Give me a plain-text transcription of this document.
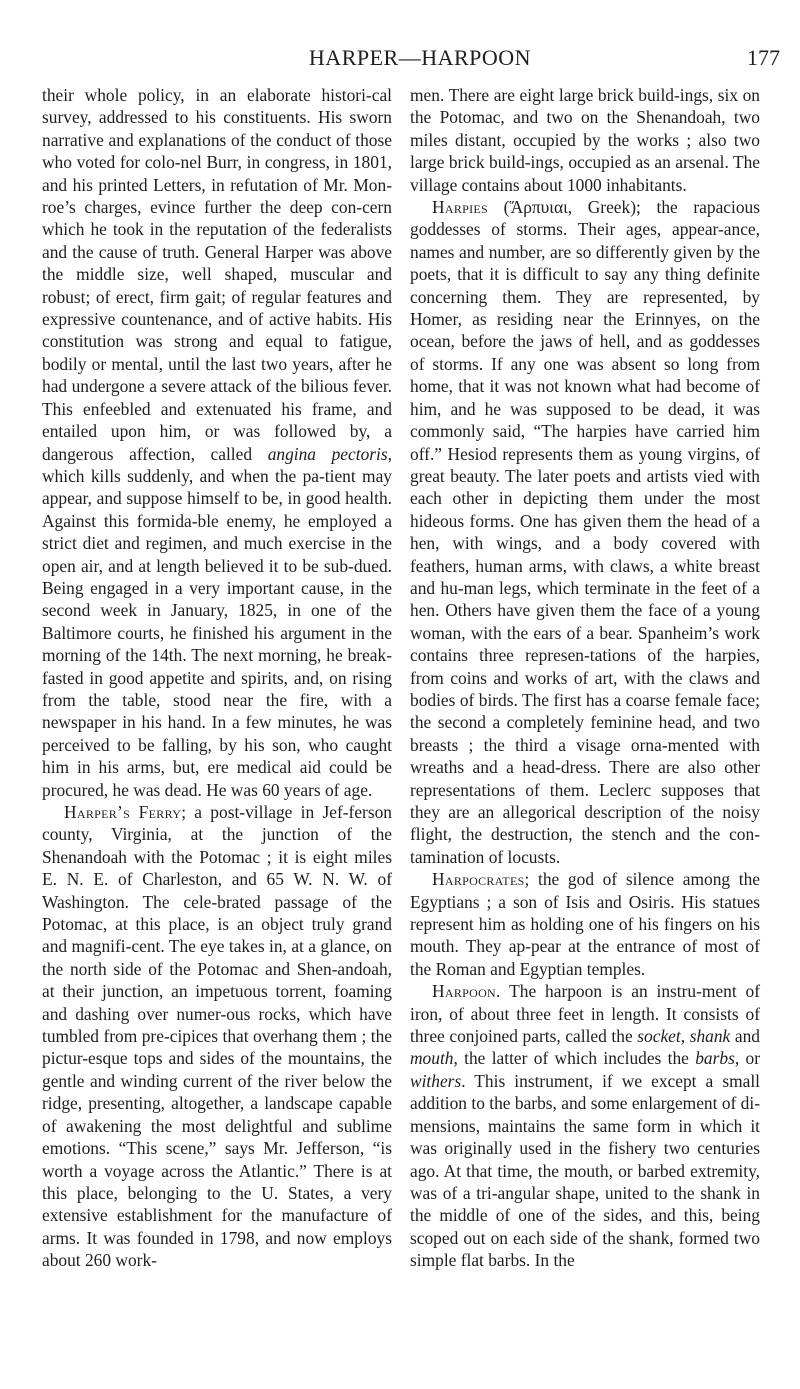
HARPER—HARPOON	177

their whole policy, in an elaborate histori-cal survey, addressed to his constituents. His sworn narrative and explanations of the conduct of those who voted for colo-nel Burr, in congress, in 1801, and his printed Letters, in refutation of Mr. Mon-roe’s charges, evince further the deep con-cern which he took in the reputation of the federalists and the cause of truth. General Harper was above the middle size, well shaped, muscular and robust; of erect, firm gait; of regular features and expressive countenance, and of active habits. His constitution was strong and equal to fatigue, bodily or mental, until the last two years, after he had undergone a severe attack of the bilious fever. This enfeebled and extenuated his frame, and entailed upon him, or was followed by, a dangerous affection, called angina pectoris, which kills suddenly, and when the pa-tient may appear, and suppose himself to be, in good health. Against this formida-ble enemy, he employed a strict diet and regimen, and much exercise in the open air, and at length believed it to be sub-dued. Being engaged in a very important cause, in the second week in January, 1825, in one of the Baltimore courts, he finished his argument in the morning of the 14th. The next morning, he break-fasted in good appetite and spirits, and, on rising from the table, stood near the fire, with a newspaper in his hand. In a few minutes, he was perceived to be falling, by his son, who caught him in his arms, but, ere medical aid could be procured, he was dead. He was 60 years of age.

Harper’s Ferry; a post-village in Jef-ferson county, Virginia, at the junction of the Shenandoah with the Potomac ; it is eight miles E. N. E. of Charleston, and 65 W. N. W. of Washington. The cele-brated passage of the Potomac, at this place, is an object truly grand and magnifi-cent. The eye takes in, at a glance, on the north side of the Potomac and Shen-andoah, at their junction, an impetuous torrent, foaming and dashing over numer-ous rocks, which have tumbled from pre-cipices that overhang them ; the pictur-esque tops and sides of the mountains, the gentle and winding current of the river below the ridge, presenting, altogether, a landscape capable of awakening the most delightful and sublime emotions. “This scene,” says Mr. Jefferson, “is worth a voyage across the Atlantic.” There is at this place, belonging to the U. States, a very extensive establishment for the manufacture of arms. It was founded in 1798, and now employs about 260 work-

men. There are eight large brick build-ings, six on the Potomac, and two on the Shenandoah, two miles distant, occupied by the works ; also two large brick build-ings, occupied as an arsenal. The village contains about 1000 inhabitants.

Harpies (Ἅρπυιαι, Greek); the rapacious goddesses of storms. Their ages, appear-ance, names and number, are so differently given by the poets, that it is difficult to say any thing definite concerning them. They are represented, by Homer, as residing near the Erinnyes, on the ocean, before the jaws of hell, and as goddesses of storms. If any one was absent so long from home, that it was not known what had become of him, and he was supposed to be dead, it was commonly said, “The harpies have carried him off.” Hesiod represents them as young virgins, of great beauty. The later poets and artists vied with each other in depicting them under the most hideous forms. One has given them the head of a hen, with wings, and a body covered with feathers, human arms, with claws, a white breast and hu-man legs, which terminate in the feet of a hen. Others have given them the face of a young woman, with the ears of a bear. Spanheim’s work contains three represen-tations of the harpies, from coins and works of art, with the claws and bodies of birds. The first has a coarse female face; the second a completely feminine head, and two breasts ; the third a visage orna-mented with wreaths and a head-dress. There are also other representations of them. Leclerc supposes that they are an allegorical description of the noisy flight, the destruction, the stench and the con-tamination of locusts.

Harpocrates; the god of silence among the Egyptians ; a son of Isis and Osiris. His statues represent him as holding one of his fingers on his mouth. They ap-pear at the entrance of most of the Roman and Egyptian temples.

Harpoon. The harpoon is an instru-ment of iron, of about three feet in length. It consists of three conjoined parts, called the socket, shank and mouth, the latter of which includes the barbs, or withers. This instrument, if we except a small addition to the barbs, and some enlargement of di-mensions, maintains the same form in which it was originally used in the fishery two centuries ago. At that time, the mouth, or barbed extremity, was of a tri-angular shape, united to the shank in the middle of one of the sides, and this, being scoped out on each side of the shank, formed two simple flat barbs. In the
